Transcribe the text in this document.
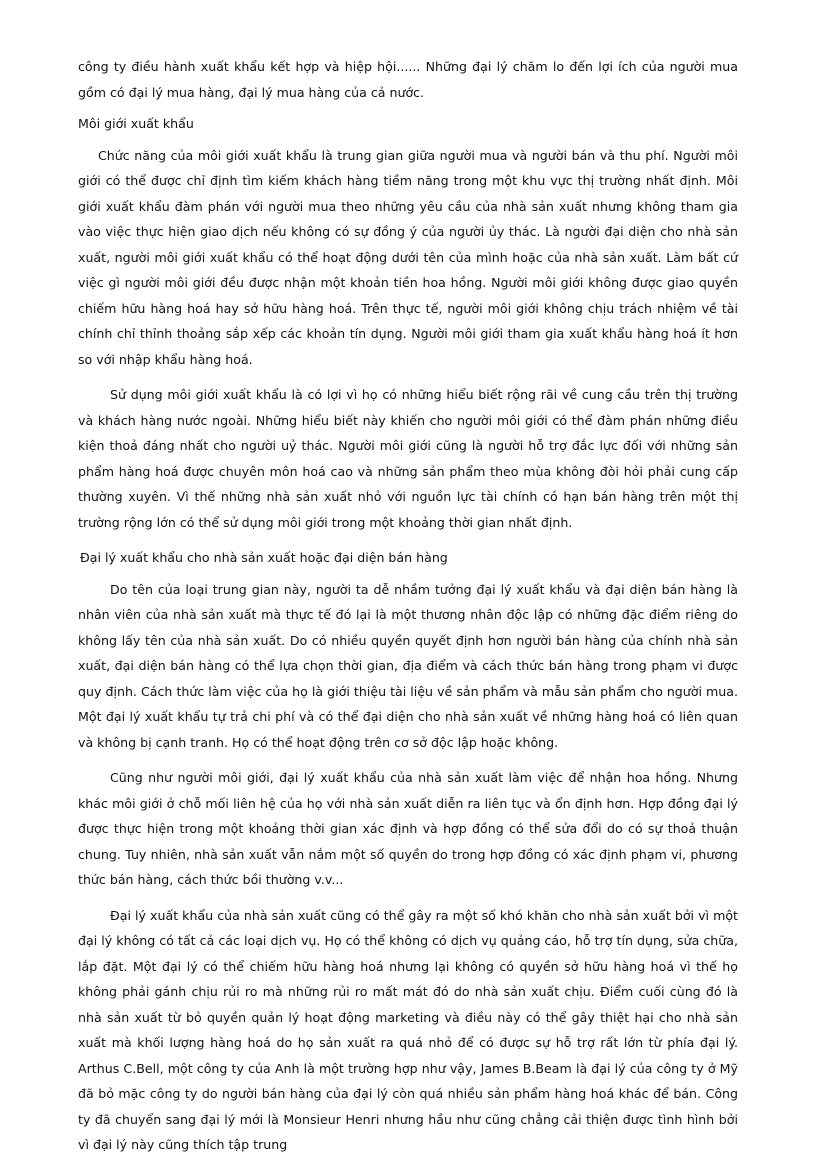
công ty điều hành xuất khẩu kết hợp và hiệp hội...... Những đại lý chăm lo đến lợi ích của người mua gồm có đại lý mua hàng, đại lý mua hàng của cả nước.

Môi giới xuất khẩu

Chức năng của môi giới xuất khẩu là trung gian giữa người mua và người bán và thu phí. Người môi giới có thể được chỉ định tìm kiếm khách hàng tiềm năng trong một khu vực thị trường nhất định. Môi giới xuất khẩu đàm phán với người mua theo những yêu cầu của nhà sản xuất nhưng không tham gia vào việc thực hiện giao dịch nếu không có sự đồng ý của người ủy thác. Là người đại diện cho nhà sản xuất, người môi giới xuất khẩu có thể hoạt động dưới tên của mình hoặc của nhà sản xuất. Làm bất cứ việc gì người môi giới đều được nhận một khoản tiền hoa hồng. Người môi giới không được giao quyền chiếm hữu hàng hoá hay sở hữu hàng hoá. Trên thực tế, người môi giới không chịu trách nhiệm về tài chính chỉ thỉnh thoảng sắp xếp các khoản tín dụng. Người môi giới tham gia xuất khẩu hàng hoá ít hơn so với nhập khẩu hàng hoá.

Sử dụng môi giới xuất khẩu là có lợi vì họ có những hiểu biết rộng rãi về cung cầu trên thị trường và khách hàng nước ngoài. Những hiểu biết này khiến cho người môi giới có thể đàm phán những điều kiện thoả đáng nhất cho người uỷ thác. Người môi giới cũng là người hỗ trợ đắc lực đối với những sản phẩm hàng hoá được chuyên môn hoá cao và những sản phẩm theo mùa không đòi hỏi phải cung cấp thường xuyên. Vì thế những nhà sản xuất nhỏ với nguồn lực tài chính có hạn bán hàng trên một thị trường rộng lớn có thể sử dụng môi giới trong một khoảng thời gian nhất định.

Đại lý xuất khẩu cho nhà sản xuất hoặc đại diện bán hàng

Do tên của loại trung gian này, người ta dễ nhầm tưởng đại lý xuất khẩu và đại diện bán hàng là nhân viên của nhà sản xuất mà thực tế đó lại là một thương nhân độc lập có những đặc điểm riêng do không lấy tên của nhà sản xuất. Do có nhiều quyền quyết định hơn người bán hàng của chính nhà sản xuất, đại diện bán hàng có thể lựa chọn thời gian, địa điểm và cách thức bán hàng trong phạm vi được quy định. Cách thức làm việc của họ là giới thiệu tài liệu về sản phẩm và mẫu sản phẩm cho người mua. Một đại lý xuất khẩu tự trả chi phí và có thể đại diện cho nhà sản xuất về những hàng hoá có liên quan và không bị cạnh tranh. Họ có thể hoạt động trên cơ sở độc lập hoặc không.

Cũng như người môi giới, đại lý xuất khẩu của nhà sản xuất làm việc để nhận hoa hồng. Nhưng khác môi giới ở chỗ mối liên hệ của họ với nhà sản xuất diễn ra liên tục và ổn định hơn. Hợp đồng đại lý được thực hiện trong một khoảng thời gian xác định và hợp đồng có thể sửa đổi do có sự thoả thuận chung. Tuy nhiên, nhà sản xuất vẫn nắm một số quyền do trong hợp đồng có xác định phạm vi, phương thức bán hàng, cách thức bồi thường v.v...

Đại lý xuất khẩu của nhà sản xuất cũng có thể gây ra một số khó khăn cho nhà sản xuất bởi vì một đại lý không có tất cả các loại dịch vụ. Họ có thể không có dịch vụ quảng cáo, hỗ trợ tín dụng, sửa chữa, lắp đặt. Một đại lý có thể chiếm hữu hàng hoá nhưng lại không có quyền sở hữu hàng hoá vì thế họ không phải gánh chịu rủi ro mà những rủi ro mất mát đó do nhà sản xuất chịu. Điểm cuối cùng đó là nhà sản xuất từ bỏ quyền quản lý hoạt động marketing và điều này có thể gây thiệt hại cho nhà sản xuất mà khối lượng hàng hoá do họ sản xuất ra quá nhỏ để có được sự hỗ trợ rất lớn từ phía đại lý. Arthus C.Bell, một công ty của Anh là một trường hợp như vậy, James B.Beam là đại lý của công ty ở Mỹ đã bỏ mặc công ty do người bán hàng của đại lý còn quá nhiều sản phẩm hàng hoá khác để bán. Công ty đã chuyển sang đại lý mới là Monsieur Henri nhưng hầu như cũng chẳng cải thiện được tình hình bởi vì đại lý này cũng thích tập trung
